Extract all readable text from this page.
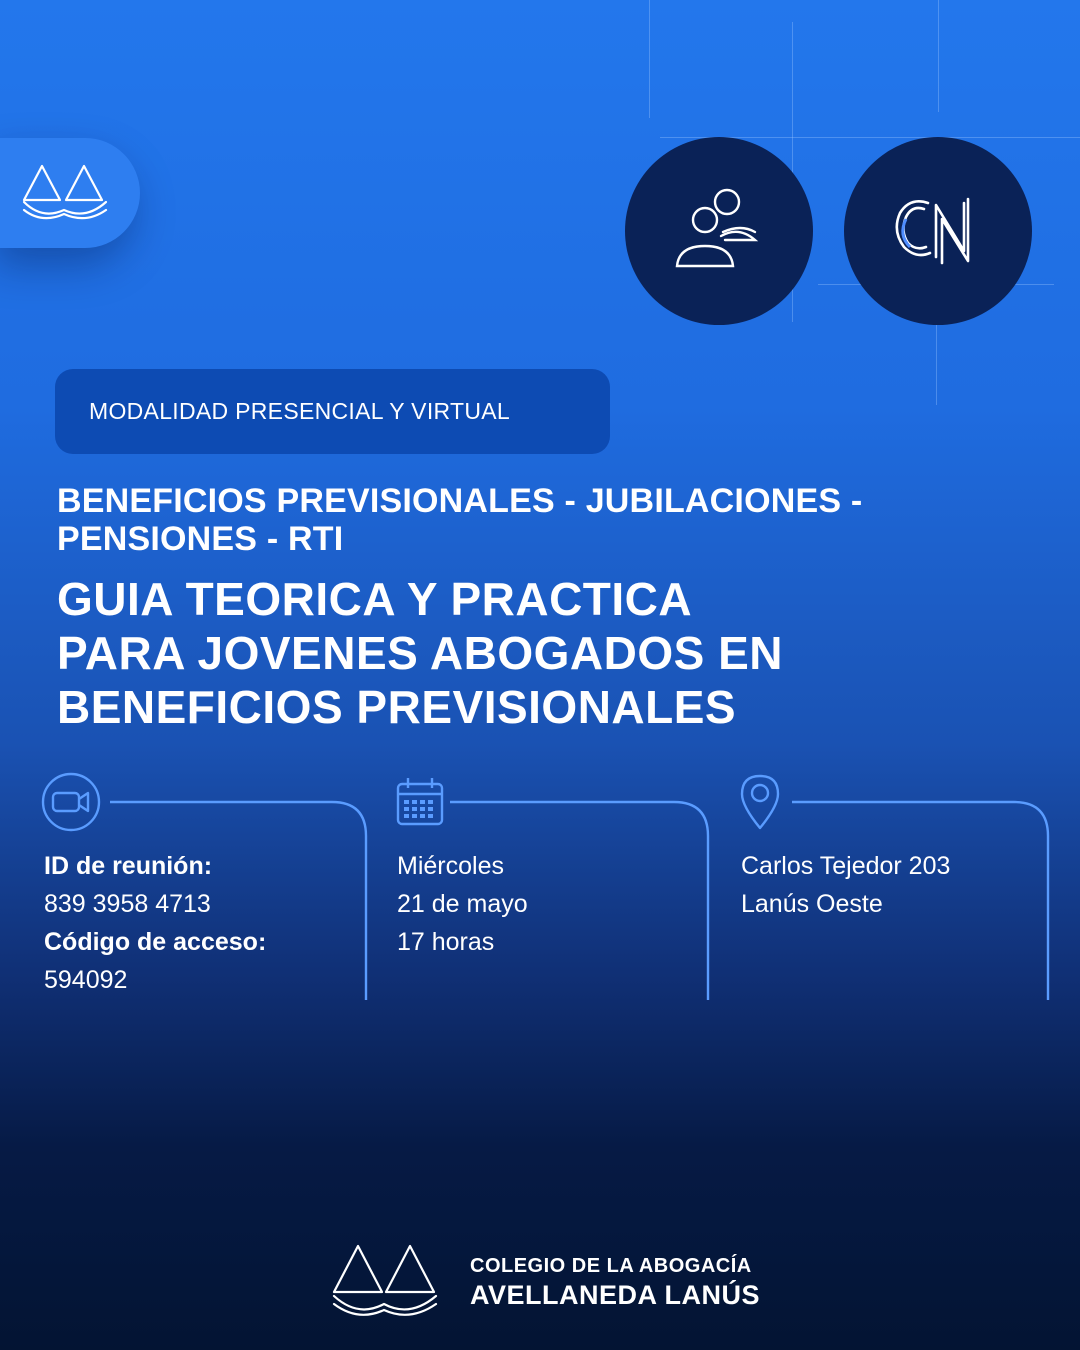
MODALIDAD PRESENCIAL Y VIRTUAL
BENEFICIOS PREVISIONALES - JUBILACIONES - PENSIONES - RTI
GUIA TEORICA Y PRACTICA
PARA JOVENES ABOGADOS EN
BENEFICIOS PREVISIONALES
ID de reunión:
839 3958 4713
Código de acceso:
594092
Miércoles
21 de mayo
17 horas
Carlos Tejedor 203
Lanús Oeste
COLEGIO DE LA ABOGACÍA
AVELLANEDA LANÚS
